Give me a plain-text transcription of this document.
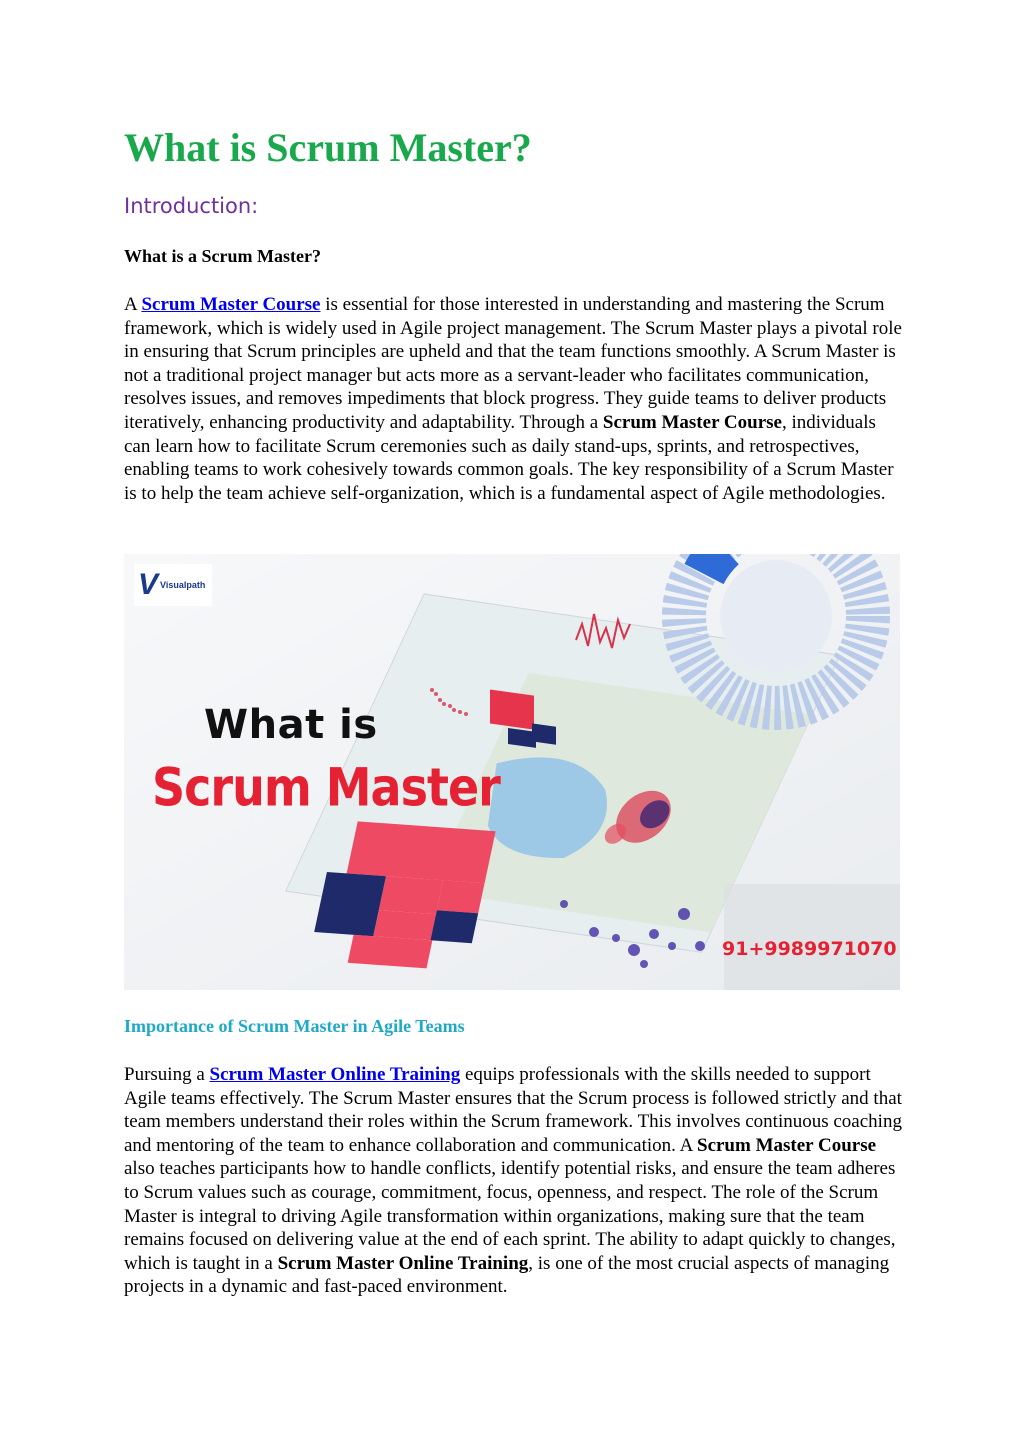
What is Scrum Master?
Introduction:
What is a Scrum Master?

A Scrum Master Course is essential for those interested in understanding and mastering the Scrum framework, which is widely used in Agile project management. The Scrum Master plays a pivotal role in ensuring that Scrum principles are upheld and that the team functions smoothly. A Scrum Master is not a traditional project manager but acts more as a servant-leader who facilitates communication, resolves issues, and removes impediments that block progress. They guide teams to deliver products iteratively, enhancing productivity and adaptability. Through a Scrum Master Course, individuals can learn how to facilitate Scrum ceremonies such as daily stand-ups, sprints, and retrospectives, enabling teams to work cohesively towards common goals. The key responsibility of a Scrum Master is to help the team achieve self-organization, which is a fundamental aspect of Agile methodologies.

V Visualpath
What is
Scrum Master
91+9989971070
Importance of Scrum Master in Agile Teams

Pursuing a Scrum Master Online Training equips professionals with the skills needed to support Agile teams effectively. The Scrum Master ensures that the Scrum process is followed strictly and that team members understand their roles within the Scrum framework. This involves continuous coaching and mentoring of the team to enhance collaboration and communication. A Scrum Master Course also teaches participants how to handle conflicts, identify potential risks, and ensure the team adheres to Scrum values such as courage, commitment, focus, openness, and respect. The role of the Scrum Master is integral to driving Agile transformation within organizations, making sure that the team remains focused on delivering value at the end of each sprint. The ability to adapt quickly to changes, which is taught in a Scrum Master Online Training, is one of the most crucial aspects of managing projects in a dynamic and fast-paced environment.
